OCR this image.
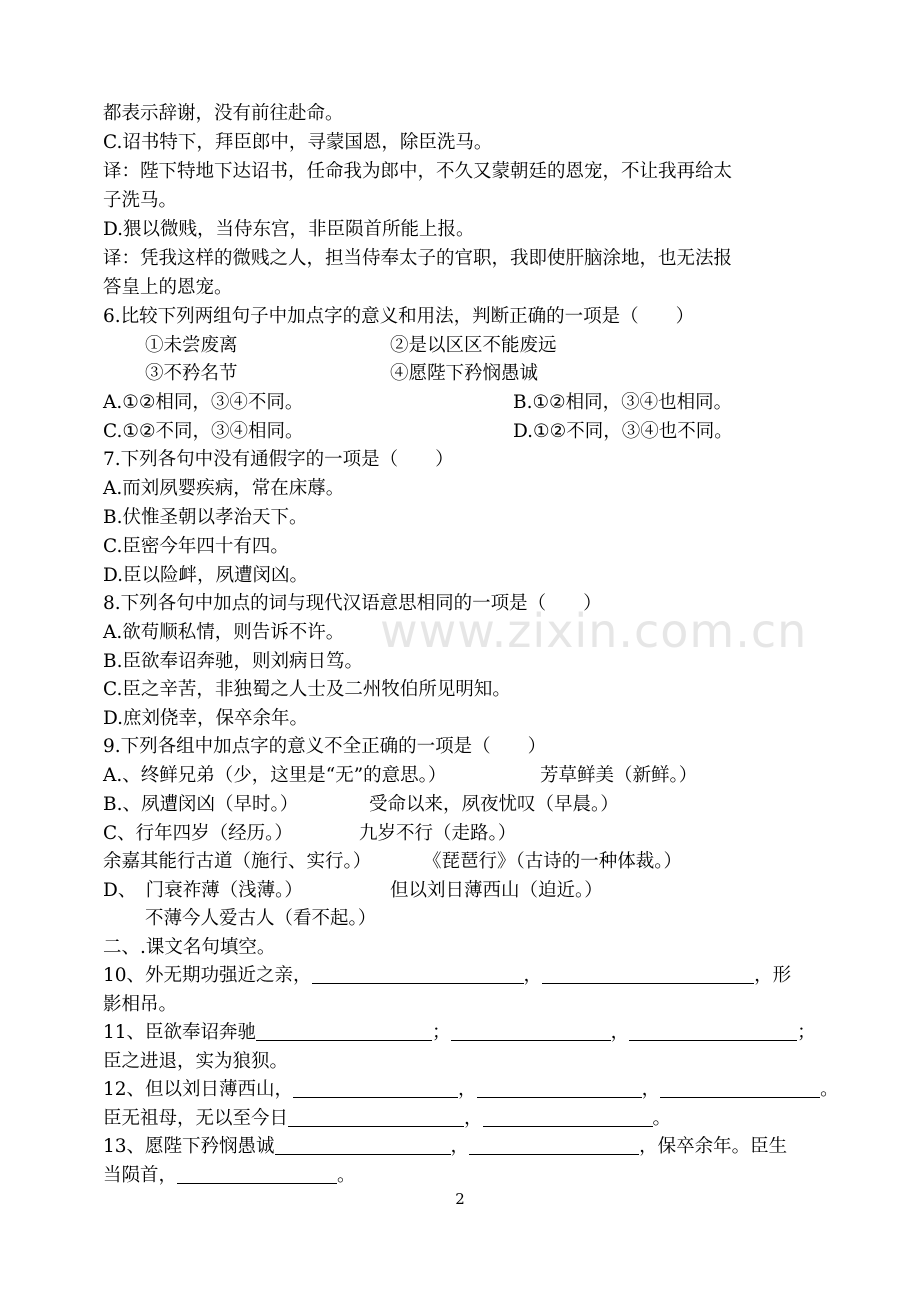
www.zixin.com.cn
都表示辞谢，没有前往赴命。
C.诏书特下，拜臣郎中，寻蒙国恩，除臣洗马。
译：陛下特地下达诏书，任命我为郎中，不久又蒙朝廷的恩宠，不让我再给太
子洗马。
D.猥以微贱，当侍东宫，非臣陨首所能上报。
译：凭我这样的微贱之人，担当侍奉太子的官职，我即使肝脑涂地，也无法报
答皇上的恩宠。
6.比较下列两组句子中加点字的意义和用法，判断正确的一项是（　　）
①未尝废离	②是以区区不能废远
③不矜名节	④愿陛下矜悯愚诚
A.①②相同，③④不同。	B.①②相同，③④也相同。
C.①②不同，③④相同。	D.①②不同，③④也不同。
7.下列各句中没有通假字的一项是（　　）
A.而刘夙婴疾病，常在床蓐。
B.伏惟圣朝以孝治天下。
C.臣密今年四十有四。
D.臣以险衅，夙遭闵凶。
8.下列各句中加点的词与现代汉语意思相同的一项是（　　）
A.欲苟顺私情，则告诉不许。
B.臣欲奉诏奔驰，则刘病日笃。
C.臣之辛苦，非独蜀之人士及二州牧伯所见明知。
D.庶刘侥幸，保卒余年。
9.下列各组中加点字的意义不全正确的一项是（　　）
A.、终鲜兄弟（少，这里是“无”的意思。）	芳草鲜美（新鲜。）
B.、夙遭闵凶（早时。）	受命以来，夙夜忧叹（早晨。）
C、行年四岁（经历。）	九岁不行（走路。）
余嘉其能行古道（施行、实行。）	《琵琶行》（古诗的一种体裁。）
D、　门衰祚薄（浅薄。）	但以刘日薄西山（迫近。）
不薄今人爱古人（看不起。）
二、.课文名句填空。
10、外无期功强近之亲，	，	，形
影相吊。
11、臣欲奉诏奔驰	；	，	；
臣之进退，实为狼狈。
12、但以刘日薄西山，	，	，	。
臣无祖母，无以至今日	，	。
13、愿陛下矜悯愚诚	，	，保卒余年。臣生
当陨首，	。
2
